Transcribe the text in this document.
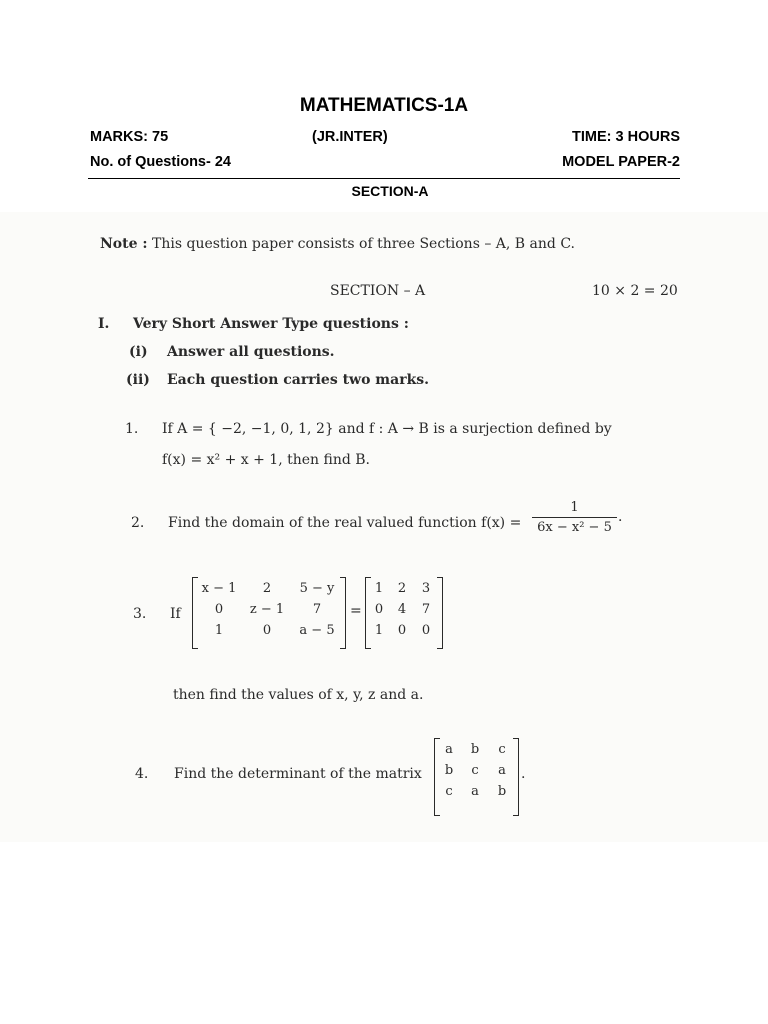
MATHEMATICS-1A
MARKS: 75	(JR.INTER)	TIME: 3 HOURS
No. of Questions- 24	MODEL PAPER-2
SECTION-A
Note : This question paper consists of three Sections – A, B and C.
SECTION – A	10 × 2 = 20
I. Very Short Answer Type questions :
(i) Answer all questions.
(ii) Each question carries two marks.
1. If A = { −2, −1, 0, 1, 2} and f : A → B is a surjection defined by
f(x) = x² + x + 1, then find B.
2. Find the domain of the real valued function f(x) =
1
6x − x² − 5 ·
3. If
x − 1	2	5 − y
0	z − 1	7
1	0	a − 5
=
1	2	3
0	4	7
1	0	0
then find the values of x, y, z and a.
4. Find the determinant of the matrix
a	b	c
b	c	a
c	a	b
.
